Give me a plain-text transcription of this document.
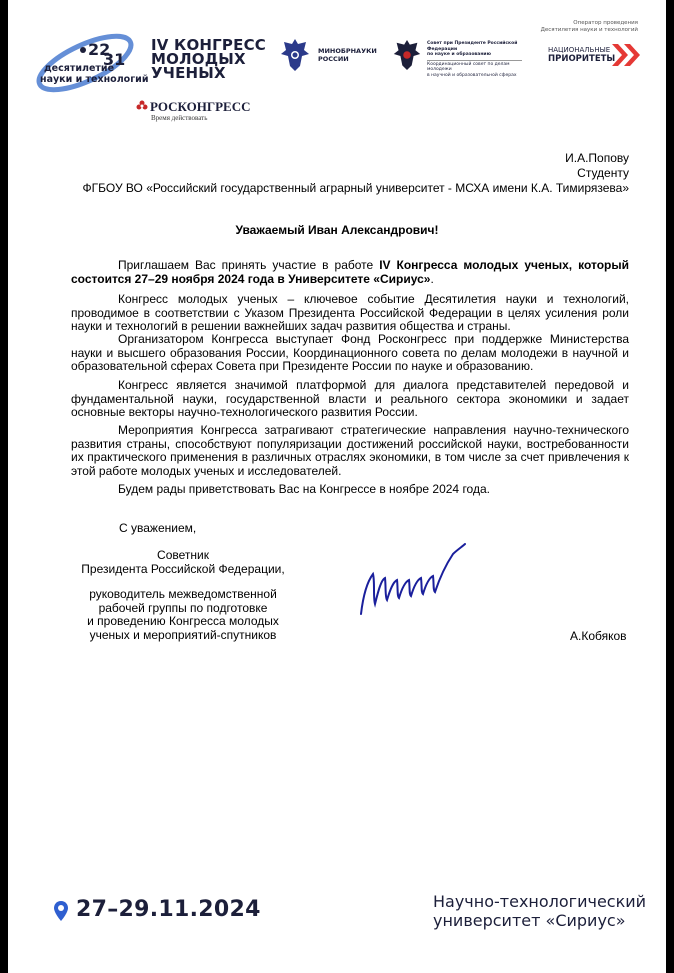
22
31
десятилетие
науки и технологий
IV КОНГРЕСС
МОЛОДЫХ
УЧЕНЫХ
РОСКОНГРЕСС
Время действовать
МИНОБРНАУКИ
РОССИИ
Совет при Президенте Российской Федерации
по науке и образованию
Координационный совет по делам молодежи
в научной и образовательной сферах
Оператор проведения
Десятилетия науки и технологий
НАЦИОНАЛЬНЫЕ
ПРИОРИТЕТЫ
И.А.Попову
Студенту
ФГБОУ ВО «Российский государственный аграрный университет - МСХА имени К.А. Тимирязева»
Уважаемый Иван Александрович!
Приглашаем Вас принять участие в работе IV Конгресса молодых ученых, который состоится 27–29 ноября 2024 года в Университете «Сириус».
Конгресс молодых ученых – ключевое событие Десятилетия науки и технологий, проводимое в соответствии с Указом Президента Российской Федерации в целях усиления роли науки и технологий в решении важнейших задач развития общества и страны.
Организатором Конгресса выступает Фонд Росконгресс при поддержке Министерства науки и высшего образования России, Координационного совета по делам молодежи в научной и образовательной сферах Совета при Президенте России по науке и образованию.
Конгресс является значимой платформой для диалога представителей передовой и фундаментальной науки, государственной власти и реального сектора экономики и задает основные векторы научно-технологического развития России.
Мероприятия Конгресса затрагивают стратегические направления научно-технического развития страны, способствуют популяризации достижений российской науки, востребованности их практического применения в различных отраслях экономики, в том числе за счет привлечения к этой работе молодых ученых и исследователей.
Будем рады приветствовать Вас на Конгрессе в ноябре 2024 года.
С уважением,
Советник
Президента Российской Федерации,
руководитель межведомственной
рабочей группы по подготовке
и проведению Конгресса молодых
ученых и мероприятий-спутников	А.Кобяков
27–29.11.2024	Научно-технологический
университет «Сириус»
